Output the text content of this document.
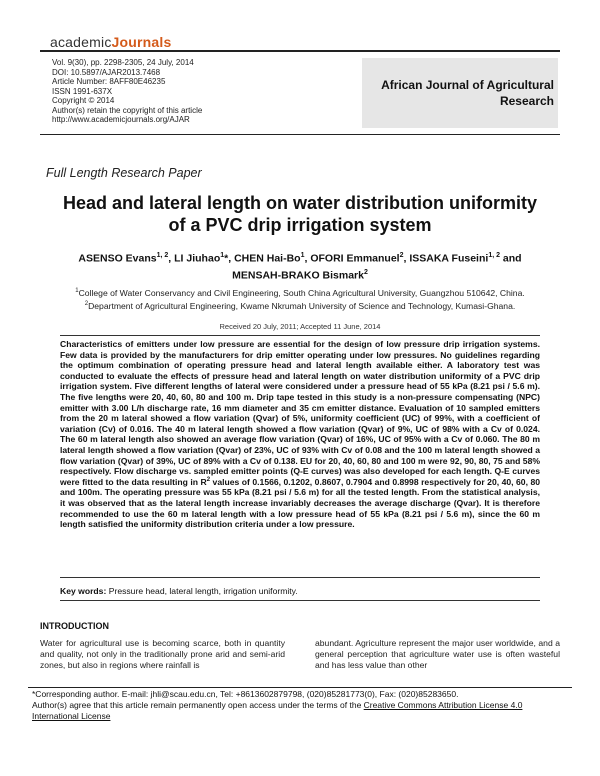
academicJournals
Vol. 9(30), pp. 2298-2305, 24 July, 2014
DOI: 10.5897/AJAR2013.7468
Article Number: 8AFF80E46235
ISSN 1991-637X
Copyright © 2014
Author(s) retain the copyright of this article
http://www.academicjournals.org/AJAR
African Journal of Agricultural
Research
Full Length Research Paper
Head and lateral length on water distribution uniformity
of a PVC drip irrigation system
ASENSO Evans$^{1, 2}$, LI Jiuhao$^1$*, CHEN Hai-Bo$^1$, OFORI Emmanuel$^2$, ISSAKA Fuseini$^{1, 2}$ and
MENSAH-BRAKO Bismark$^2$
$^1$College of Water Conservancy and Civil Engineering, South China Agricultural University, Guangzhou 510642, China.
$^2$Department of Agricultural Engineering, Kwame Nkrumah University of Science and Technology, Kumasi-Ghana.
Received 20 July, 2011; Accepted 11 June, 2014
Characteristics of emitters under low pressure are essential for the design of low pressure drip irrigation systems. Few data is provided by the manufacturers for drip emitter operating under low pressures. No guidelines regarding the optimum combination of operating pressure head and lateral length available either. A laboratory test was conducted to evaluate the effects of pressure head and lateral length on water distribution uniformity of a PVC drip irrigation system. Five different lengths of lateral were considered under a pressure head of 55 kPa (8.21 psi / 5.6 m). The five lengths were 20, 40, 60, 80 and 100 m. Drip tape tested in this study is a non-pressure compensating (NPC) emitter with 3.00 L/h discharge rate, 16 mm diameter and 35 cm emitter distance. Evaluation of 10 sampled emitters from the 20 m lateral showed a flow variation (Qvar) of 5%, uniformity coefficient (UC) of 99%, with a coefficient of variation (Cv) of 0.016. The 40 m lateral length showed a flow variation (Qvar) of 9%, UC of 98% with a Cv of 0.024. The 60 m lateral length also showed an average flow variation (Qvar) of 16%, UC of 95% with a Cv of 0.060. The 80 m lateral length showed a flow variation (Qvar) of 23%, UC of 93% with Cv of 0.08 and the 100 m lateral length showed a flow variation (Qvar) of 39%, UC of 89% with a Cv of 0.138. EU for 20, 40, 60, 80 and 100 m were 92, 90, 80, 75 and 58% respectively. Flow discharge vs. sampled emitter points (Q-E curves) was also developed for each length. Q-E curves were fitted to the data resulting in $R^2$ values of 0.1566, 0.1202, 0.8607, 0.7904 and 0.8998 respectively for 20, 40, 60, 80 and 100m. The operating pressure was 55 kPa (8.21 psi / 5.6 m) for all the tested length. From the statistical analysis, it was observed that as the lateral length increase invariably decreases the average discharge (Qvar). It is therefore recommended to use the 60 m lateral length with a low pressure head of 55 kPa (8.21 psi / 5.6 m), since the 60 m length satisfied the uniformity distribution criteria under a low pressure.
Key words: Pressure head, lateral length, irrigation uniformity.
INTRODUCTION
Water for agricultural use is becoming scarce, both in quantity and quality, not only in the traditionally prone arid and semi-arid zones, but also in regions where rainfall is
abundant. Agriculture represent the major user worldwide, and a general perception that agriculture water use is often wasteful and has less value than other
*Corresponding author. E-mail: jhli@scau.edu.cn, Tel: +8613602879798, (020)85281773(0), Fax: (020)85283650.
Author(s) agree that this article remain permanently open access under the terms of the Creative Commons Attribution License 4.0 International License
